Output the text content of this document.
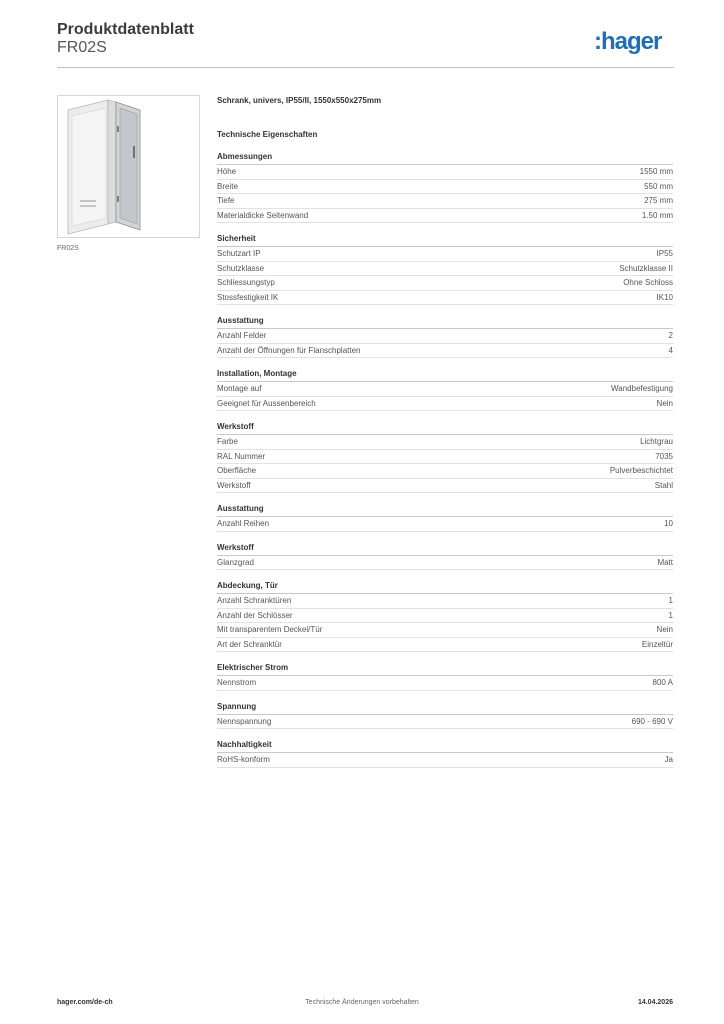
Produktdatenblatt
FR02S	:hager
FR02S
Schrank, univers, IP55/II, 1550x550x275mm
Technische Eigenschaften
Abmessungen
Höhe	1550 mm
Breite	550 mm
Tiefe	275 mm
Materialdicke Seitenwand	1.50 mm
Sicherheit
Schutzart IP	IP55
Schutzklasse	Schutzklasse II
Schliessungstyp	Ohne Schloss
Stossfestigkeit IK	IK10
Ausstattung
Anzahl Felder	2
Anzahl der Öffnungen für Flanschplatten	4
Installation, Montage
Montage auf	Wandbefestigung
Geeignet für Aussenbereich	Nein
Werkstoff
Farbe	Lichtgrau
RAL Nummer	7035
Oberfläche	Pulverbeschichtet
Werkstoff	Stahl
Ausstattung
Anzahl Reihen	10
Werkstoff
Glanzgrad	Matt
Abdeckung, Tür
Anzahl Schranktüren	1
Anzahl der Schlösser	1
Mit transparentem Deckel/Tür	Nein
Art der Schranktür	Einzeltür
Elektrischer Strom
Nennstrom	800 A
Spannung
Nennspannung	690 - 690 V
Nachhaltigkeit
RoHS-konform	Ja
hager.com/de-ch	Technische Änderungen vorbehalten	14.04.2026
